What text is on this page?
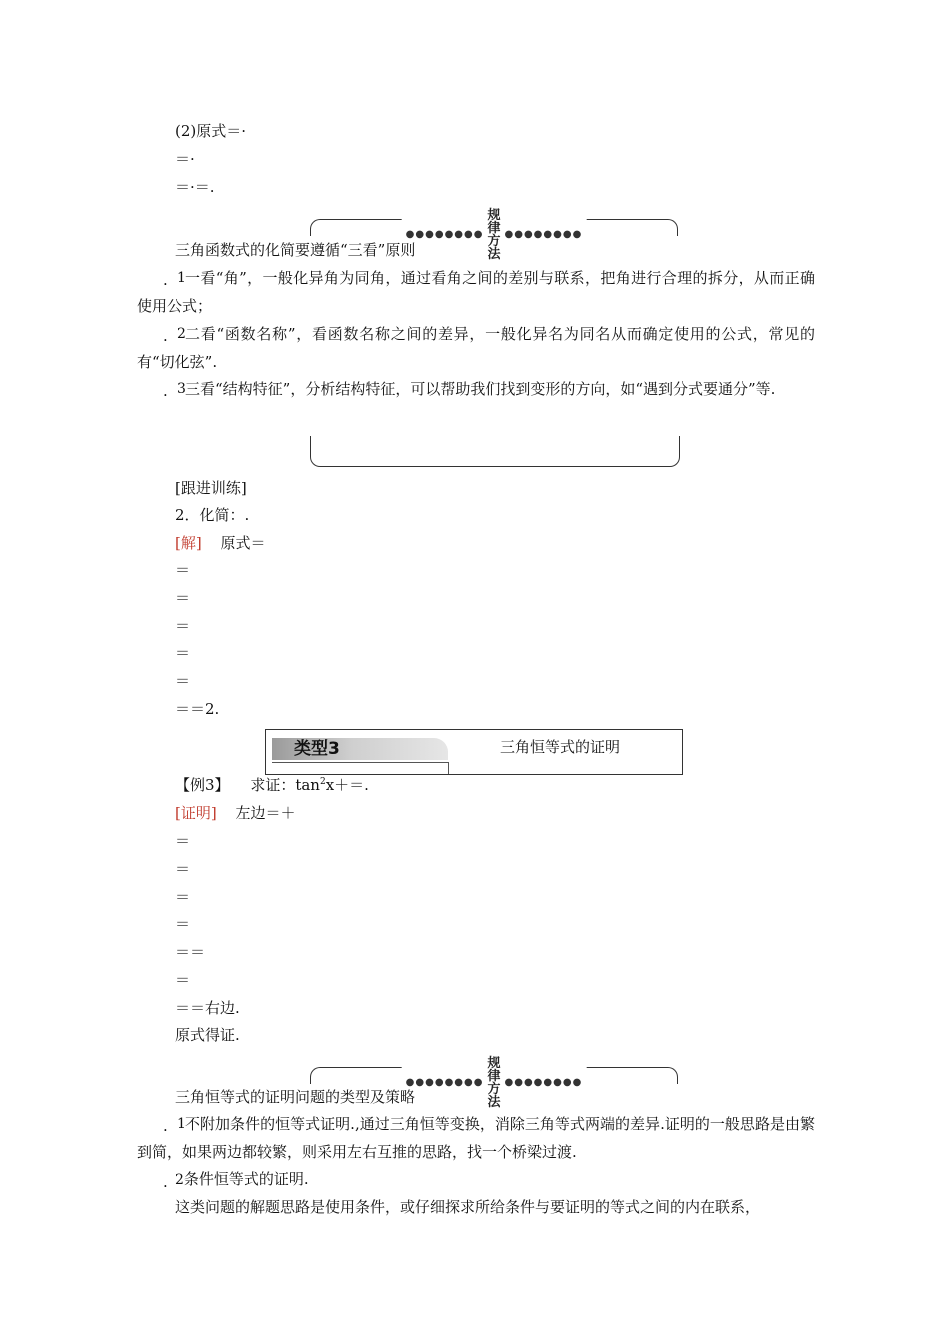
(2)原式＝·
＝·
＝·＝.
●●●●●●●●
规律方法
●●●●●●●●
三角函数式的化简要遵循“三看”原则
. 1 一看“角”，一般化异角为同角，通过看角之间的差别与联系，把角进行合理的拆分，从而正确使用公式；
. 2 二看“函数名称”，看函数名称之间的差异，一般化异名为同名从而确定使用的公式，常见的有“切化弦”.
. 3 三看“结构特征”，分析结构特征，可以帮助我们找到变形的方向，如“遇到分式要通分”等.
[跟进训练]
2．化简：.
[解] 原式＝
＝
＝
＝
＝
＝
＝＝2.
类型3	三角恒等式的证明
【例3】 求证：$\tan^2x+=$.
[证明] 左边＝＋
＝
＝
＝
＝
＝＝
＝
＝＝右边.
原式得证.
●●●●●●●●
规律方法
●●●●●●●●
三角恒等式的证明问题的类型及策略
. 1 不附加条件的恒等式证明.,通过三角恒等变换，消除三角等式两端的差异.证明的一般思路是由繁到简，如果两边都较繁，则采用左右互推的思路，找一个桥梁过渡.
. 2条件恒等式的证明.
这类问题的解题思路是使用条件，或仔细探求所给条件与要证明的等式之间的内在联系，
